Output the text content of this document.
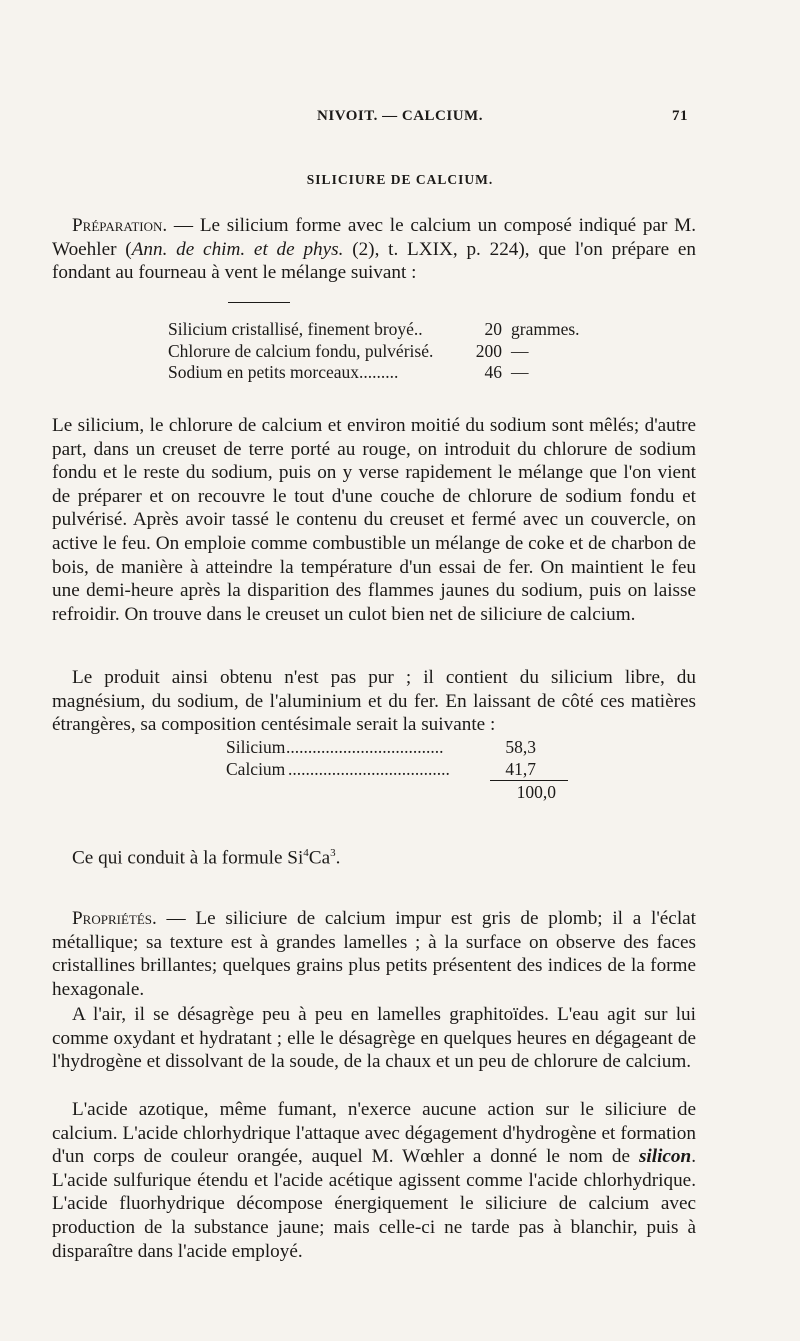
NIVOIT. — CALCIUM.	71
SILICIURE DE CALCIUM.

Préparation. — Le silicium forme avec le calcium un composé indiqué par M. Woehler (Ann. de chim. et de phys. (2), t. LXIX, p. 224), que l'on prépare en fondant au fourneau à vent le mélange suivant :

Silicium cristallisé, finement broyé..	20 grammes.
Chlorure de calcium fondu, pulvérisé.	200 —
Sodium en petits morceaux.........	46 —

Le silicium, le chlorure de calcium et environ moitié du sodium sont mêlés; d'autre part, dans un creuset de terre porté au rouge, on introduit du chlorure de sodium fondu et le reste du sodium, puis on y verse rapidement le mélange que l'on vient de préparer et on recouvre le tout d'une couche de chlorure de sodium fondu et pulvérisé. Après avoir tassé le contenu du creuset et fermé avec un couvercle, on active le feu. On emploie comme combustible un mélange de coke et de charbon de bois, de manière à atteindre la température d'un essai de fer. On maintient le feu une demi-heure après la disparition des flammes jaunes du sodium, puis on laisse refroidir. On trouve dans le creuset un culot bien net de siliciure de calcium.

Le produit ainsi obtenu n'est pas pur ; il contient du silicium libre, du magnésium, du sodium, de l'aluminium et du fer. En laissant de côté ces matières étrangères, sa composition centésimale serait la suivante :

Silicium ....................................	58,3
Calcium .....................................	41,7
100,0

Ce qui conduit à la formule Si$^4$Ca$^3$.

Propriétés. — Le siliciure de calcium impur est gris de plomb; il a l'éclat métallique; sa texture est à grandes lamelles ; à la surface on observe des faces cristallines brillantes; quelques grains plus petits présentent des indices de la forme hexagonale.

A l'air, il se désagrège peu à peu en lamelles graphitoïdes. L'eau agit sur lui comme oxydant et hydratant ; elle le désagrège en quelques heures en dégageant de l'hydrogène et dissolvant de la soude, de la chaux et un peu de chlorure de calcium.

L'acide azotique, même fumant, n'exerce aucune action sur le siliciure de calcium. L'acide chlorhydrique l'attaque avec dégagement d'hydrogène et formation d'un corps de couleur orangée, auquel M. Wœhler a donné le nom de silicon. L'acide sulfurique étendu et l'acide acétique agissent comme l'acide chlorhydrique. L'acide fluorhydrique décompose énergiquement le siliciure de calcium avec production de la substance jaune; mais celle-ci ne tarde pas à blanchir, puis à disparaître dans l'acide employé.
